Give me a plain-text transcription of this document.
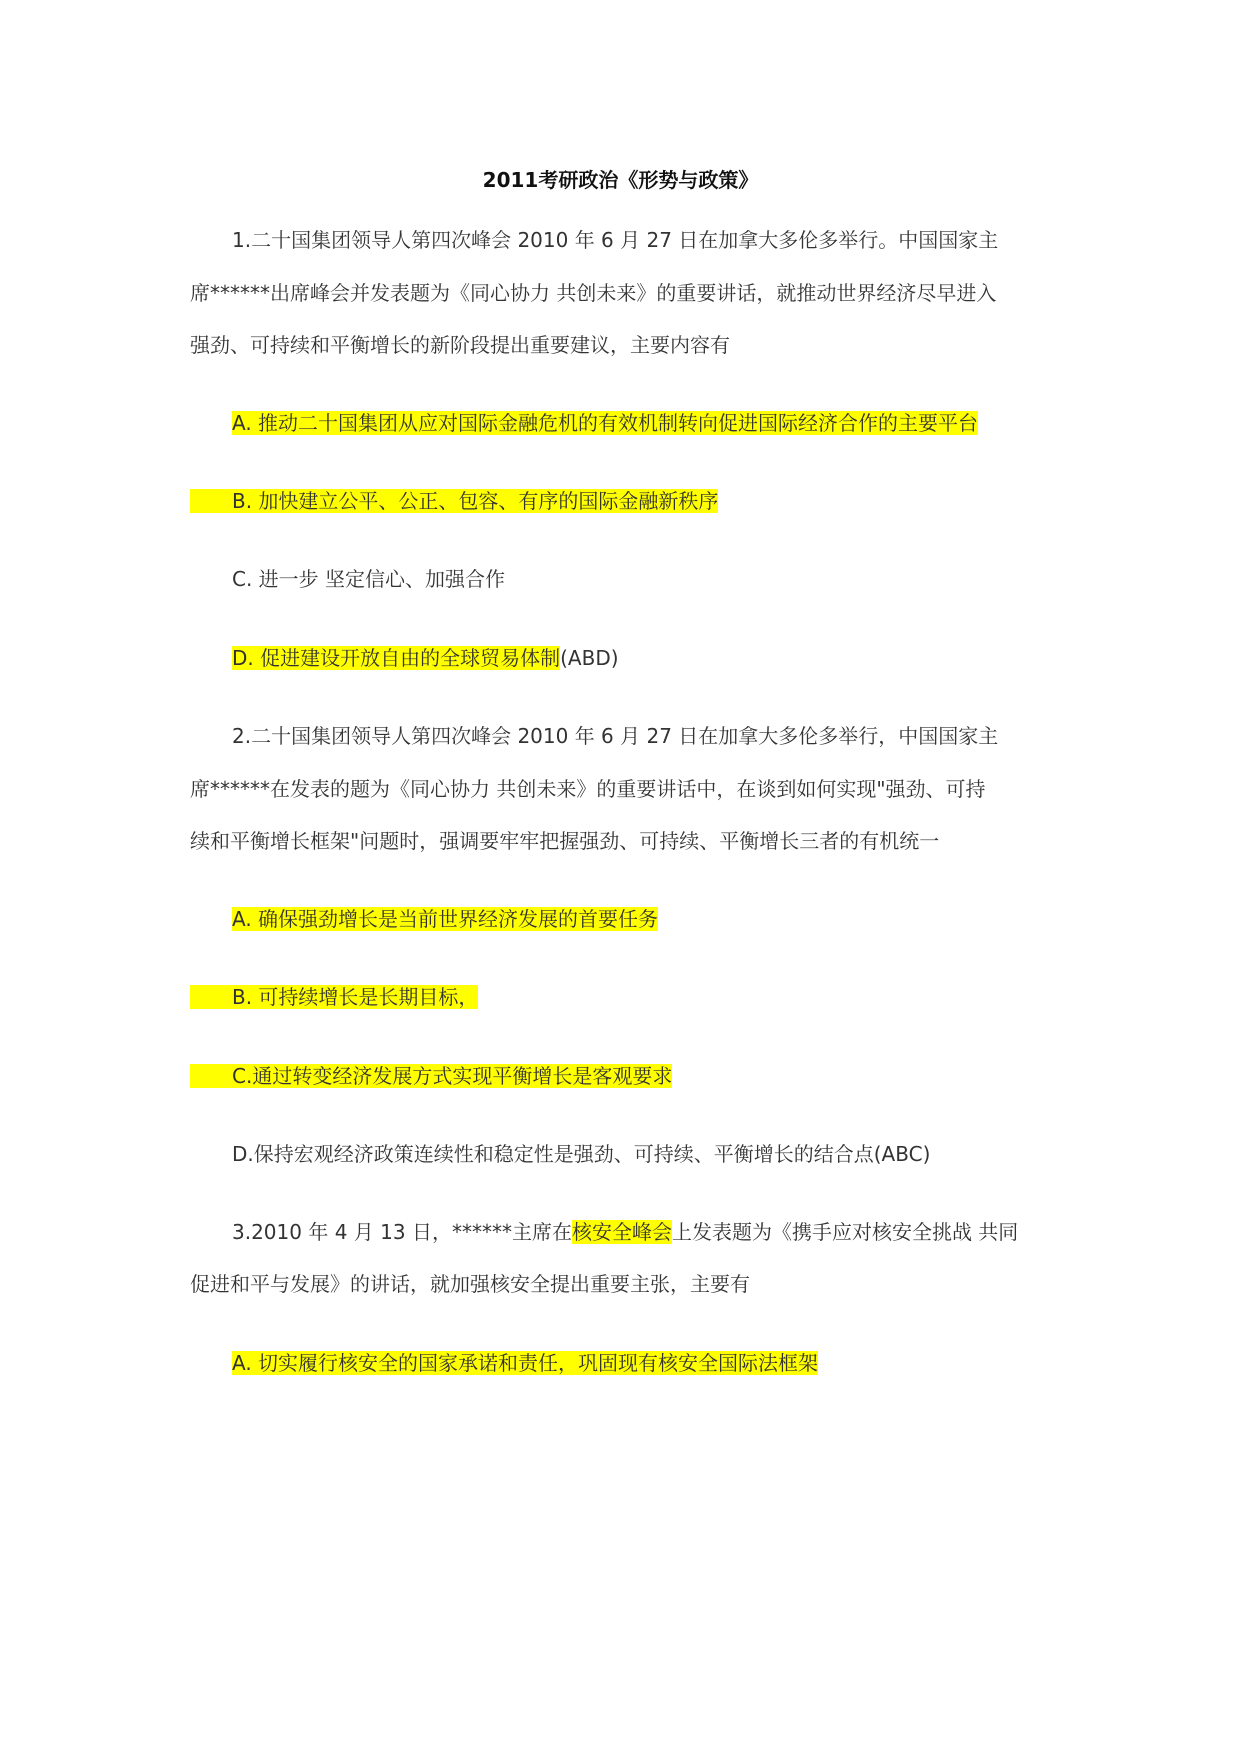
2011考研政治《形势与政策》
1.二十国集团领导人第四次峰会 2010 年 6 月 27 日在加拿大多伦多举行。中国国家主
席******出席峰会并发表题为《同心协力 共创未来》的重要讲话，就推动世界经济尽早进入
强劲、可持续和平衡增长的新阶段提出重要建议，主要内容有
A. 推动二十国集团从应对国际金融危机的有效机制转向促进国际经济合作的主要平台
B. 加快建立公平、公正、包容、有序的国际金融新秩序
C. 进一步 坚定信心、加强合作
D. 促进建设开放自由的全球贸易体制(ABD)
2.二十国集团领导人第四次峰会 2010 年 6 月 27 日在加拿大多伦多举行，中国国家主
席******在发表的题为《同心协力 共创未来》的重要讲话中，在谈到如何实现"强劲、可持
续和平衡增长框架"问题时，强调要牢牢把握强劲、可持续、平衡增长三者的有机统一
A. 确保强劲增长是当前世界经济发展的首要任务
B. 可持续增长是长期目标，
C.通过转变经济发展方式实现平衡增长是客观要求
D.保持宏观经济政策连续性和稳定性是强劲、可持续、平衡增长的结合点(ABC)
3.2010 年 4 月 13 日，******主席在核安全峰会上发表题为《携手应对核安全挑战 共同
促进和平与发展》的讲话，就加强核安全提出重要主张，主要有
A. 切实履行核安全的国家承诺和责任，巩固现有核安全国际法框架
